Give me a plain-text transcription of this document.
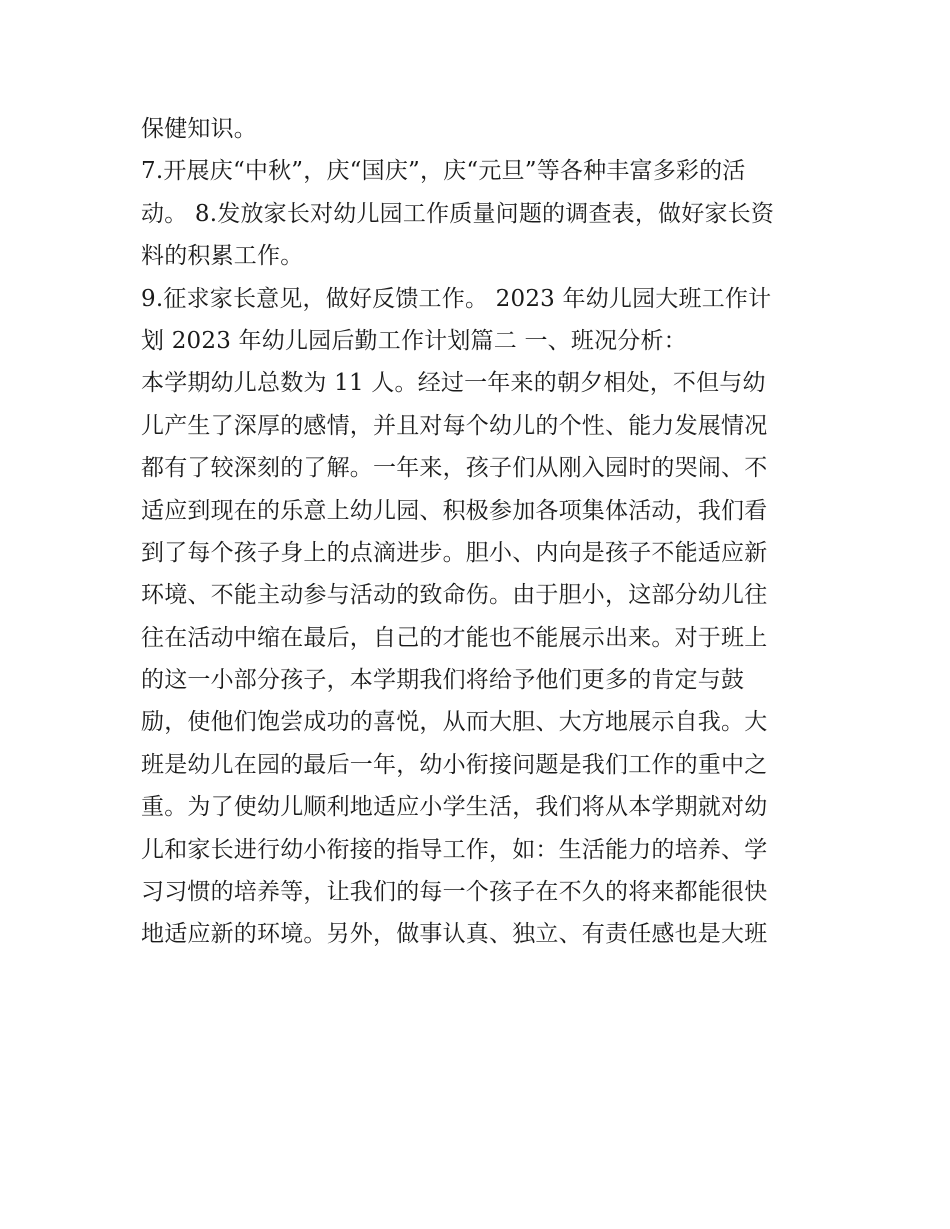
保健知识。
7.开展庆“中秋”，庆“国庆”，庆“元旦”等各种丰富多彩的活
动。 8.发放家长对幼儿园工作质量问题的调查表，做好家长资
料的积累工作。
9.征求家长意见，做好反馈工作。 2023 年幼儿园大班工作计
划 2023 年幼儿园后勤工作计划篇二 一、班况分析：
本学期幼儿总数为 11 人。经过一年来的朝夕相处，不但与幼
儿产生了深厚的感情，并且对每个幼儿的个性、能力发展情况
都有了较深刻的了解。一年来，孩子们从刚入园时的哭闹、不
适应到现在的乐意上幼儿园、积极参加各项集体活动，我们看
到了每个孩子身上的点滴进步。胆小、内向是孩子不能适应新
环境、不能主动参与活动的致命伤。由于胆小，这部分幼儿往
往在活动中缩在最后，自己的才能也不能展示出来。对于班上
的这一小部分孩子，本学期我们将给予他们更多的肯定与鼓
励，使他们饱尝成功的喜悦，从而大胆、大方地展示自我。大
班是幼儿在园的最后一年，幼小衔接问题是我们工作的重中之
重。为了使幼儿顺利地适应小学生活，我们将从本学期就对幼
儿和家长进行幼小衔接的指导工作，如：生活能力的培养、学
习习惯的培养等，让我们的每一个孩子在不久的将来都能很快
地适应新的环境。另外，做事认真、独立、有责任感也是大班
